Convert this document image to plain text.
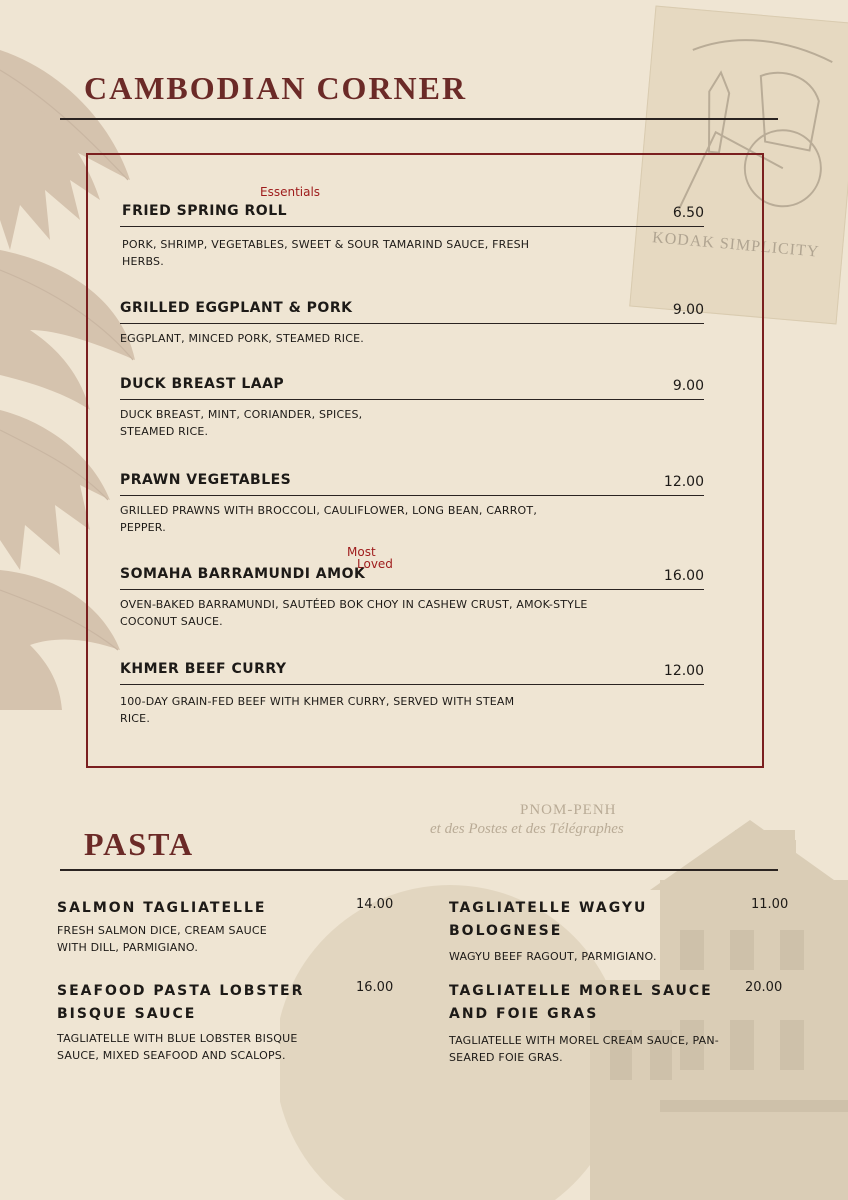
KODAK SIMPLICITY
PNOM-PENH
et des Postes et des Télégraphes
CAMBODIAN CORNER
Essentials
FRIED SPRING ROLL	6.50
PORK, SHRIMP, VEGETABLES, SWEET & SOUR TAMARIND SAUCE, FRESH HERBS.
GRILLED EGGPLANT & PORK	9.00
EGGPLANT, MINCED PORK, STEAMED RICE.
DUCK BREAST LAAP	9.00
DUCK BREAST, MINT, CORIANDER, SPICES, STEAMED RICE.
PRAWN VEGETABLES	12.00
GRILLED PRAWNS WITH BROCCOLI, CAULIFLOWER, LONG BEAN, CARROT, PEPPER.
Most
Loved
SOMAHA BARRAMUNDI AMOK	16.00
OVEN-BAKED BARRAMUNDI, SAUTÉED BOK CHOY IN CASHEW CRUST, AMOK-STYLE COCONUT SAUCE.
KHMER BEEF CURRY	12.00
100-DAY GRAIN-FED BEEF WITH KHMER CURRY, SERVED WITH STEAM RICE.
PASTA
SALMON TAGLIATELLE	14.00
FRESH SALMON DICE, CREAM SAUCE WITH DILL, PARMIGIANO.
TAGLIATELLE WAGYU BOLOGNESE
11.00
WAGYU BEEF RAGOUT, PARMIGIANO.
SEAFOOD PASTA LOBSTER BISQUE SAUCE
16.00
TAGLIATELLE WITH BLUE LOBSTER BISQUE SAUCE, MIXED SEAFOOD AND SCALOPS.
TAGLIATELLE MOREL SAUCE AND FOIE GRAS
20.00
TAGLIATELLE WITH MOREL CREAM SAUCE, PAN-SEARED FOIE GRAS.
